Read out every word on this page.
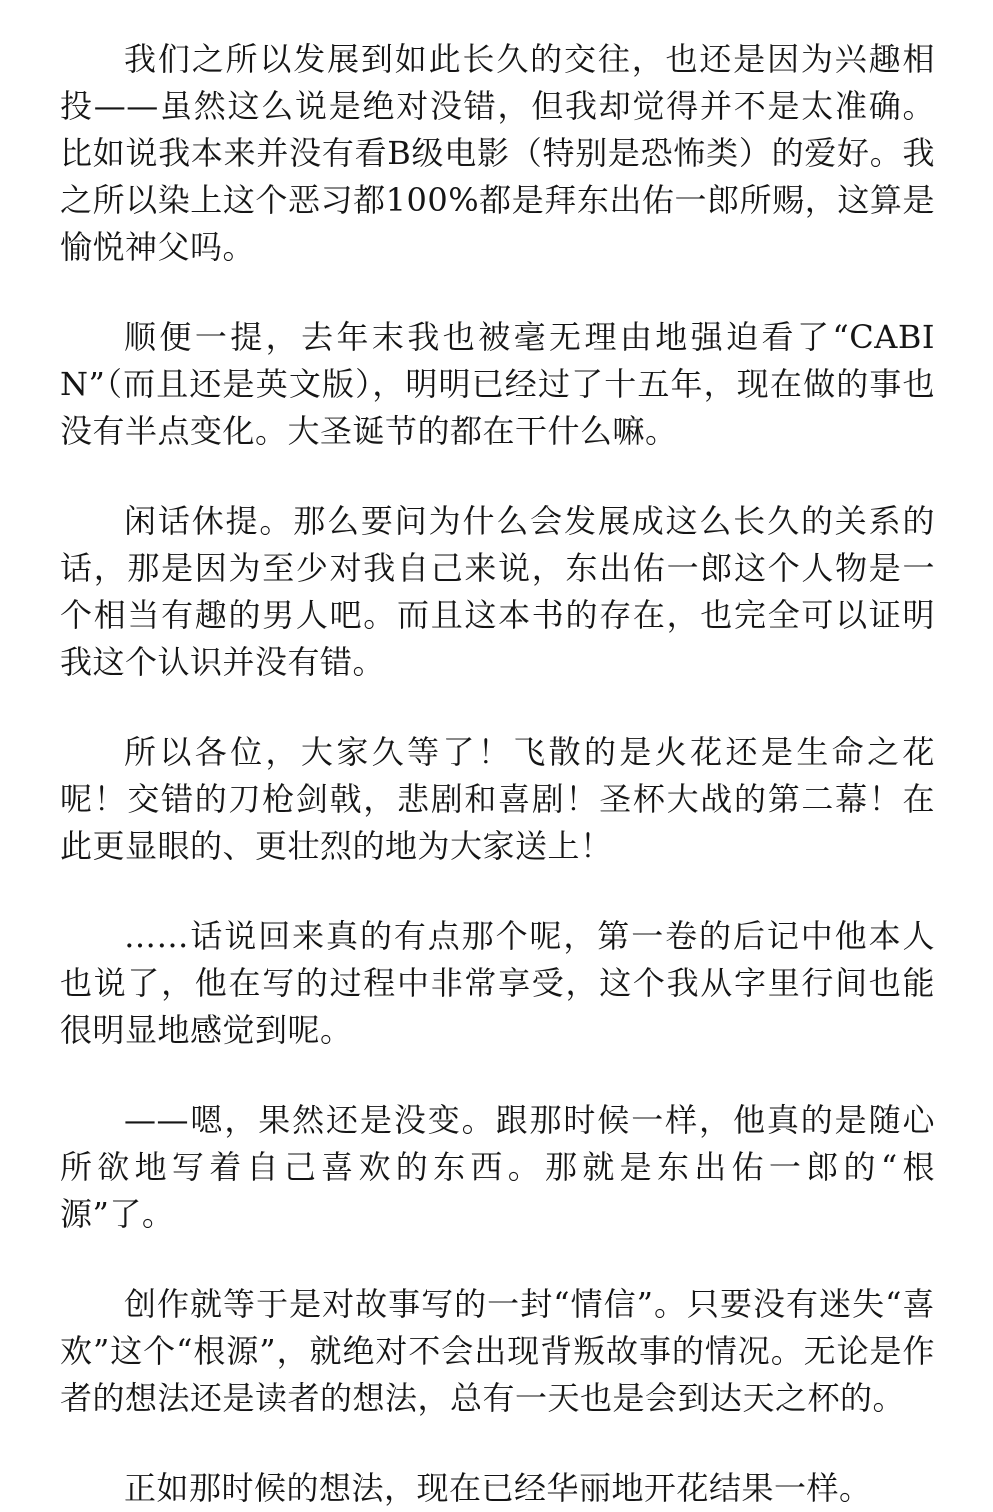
我们之所以发展到如此长久的交往，也还是因为兴趣相投——虽然这么说是绝对没错，但我却觉得并不是太准确。比如说我本来并没有看B级电影（特别是恐怖类）的爱好。我之所以染上这个恶习都100%都是拜东出佑一郎所赐，这算是愉悦神父吗。

顺便一提，去年末我也被毫无理由地强迫看了“CABIN”（而且还是英文版），明明已经过了十五年，现在做的事也没有半点变化。大圣诞节的都在干什么嘛。

闲话休提。那么要问为什么会发展成这么长久的关系的话，那是因为至少对我自己来说，东出佑一郎这个人物是一个相当有趣的男人吧。而且这本书的存在，也完全可以证明我这个认识并没有错。

所以各位，大家久等了！飞散的是火花还是生命之花呢！交错的刀枪剑戟，悲剧和喜剧！圣杯大战的第二幕！在此更显眼的、更壮烈的地为大家送上！

……话说回来真的有点那个呢，第一卷的后记中他本人也说了，他在写的过程中非常享受，这个我从字里行间也能很明显地感觉到呢。

——嗯，果然还是没变。跟那时候一样，他真的是随心所欲地写着自己喜欢的东西。那就是东出佑一郎的“根源”了。

创作就等于是对故事写的一封“情信”。只要没有迷失“喜欢”这个“根源”，就绝对不会出现背叛故事的情况。无论是作者的想法还是读者的想法，总有一天也是会到达天之杯的。

正如那时候的想法，现在已经华丽地开花结果一样。
